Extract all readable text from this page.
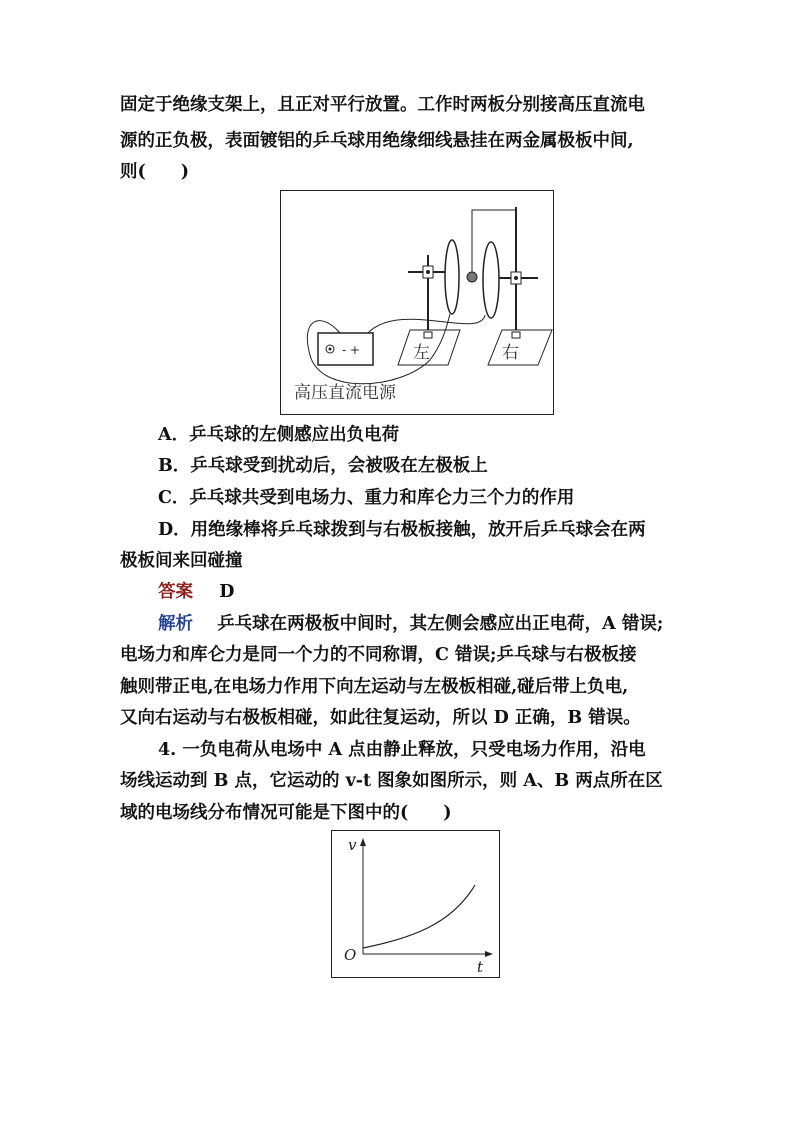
固定于绝缘支架上，且正对平行放置。工作时两板分别接高压直流电
源的正负极，表面镀铝的乒乓球用绝缘细线悬挂在两金属极板中间,
则(　　)
左	右
- +
高压直流电源
A．乒乓球的左侧感应出负电荷
B．乒乓球受到扰动后，会被吸在左极板上
C．乒乓球共受到电场力、重力和库仑力三个力的作用
D．用绝缘棒将乒乓球拨到与右极板接触，放开后乒乓球会在两
极板间来回碰撞
答案 D
解析 乒乓球在两极板中间时，其左侧会感应出正电荷，A 错误;
电场力和库仑力是同一个力的不同称谓，C 错误;乒乓球与右极板接
触则带正电,在电场力作用下向左运动与左极板相碰,碰后带上负电,
又向右运动与右极板相碰，如此往复运动，所以 D 正确，B 错误。
4. 一负电荷从电场中 A 点由静止释放，只受电场力作用，沿电
场线运动到 B 点，它运动的 v-t 图象如图所示，则 A、B 两点所在区
域的电场线分布情况可能是下图中的(　　)
v
t
O
